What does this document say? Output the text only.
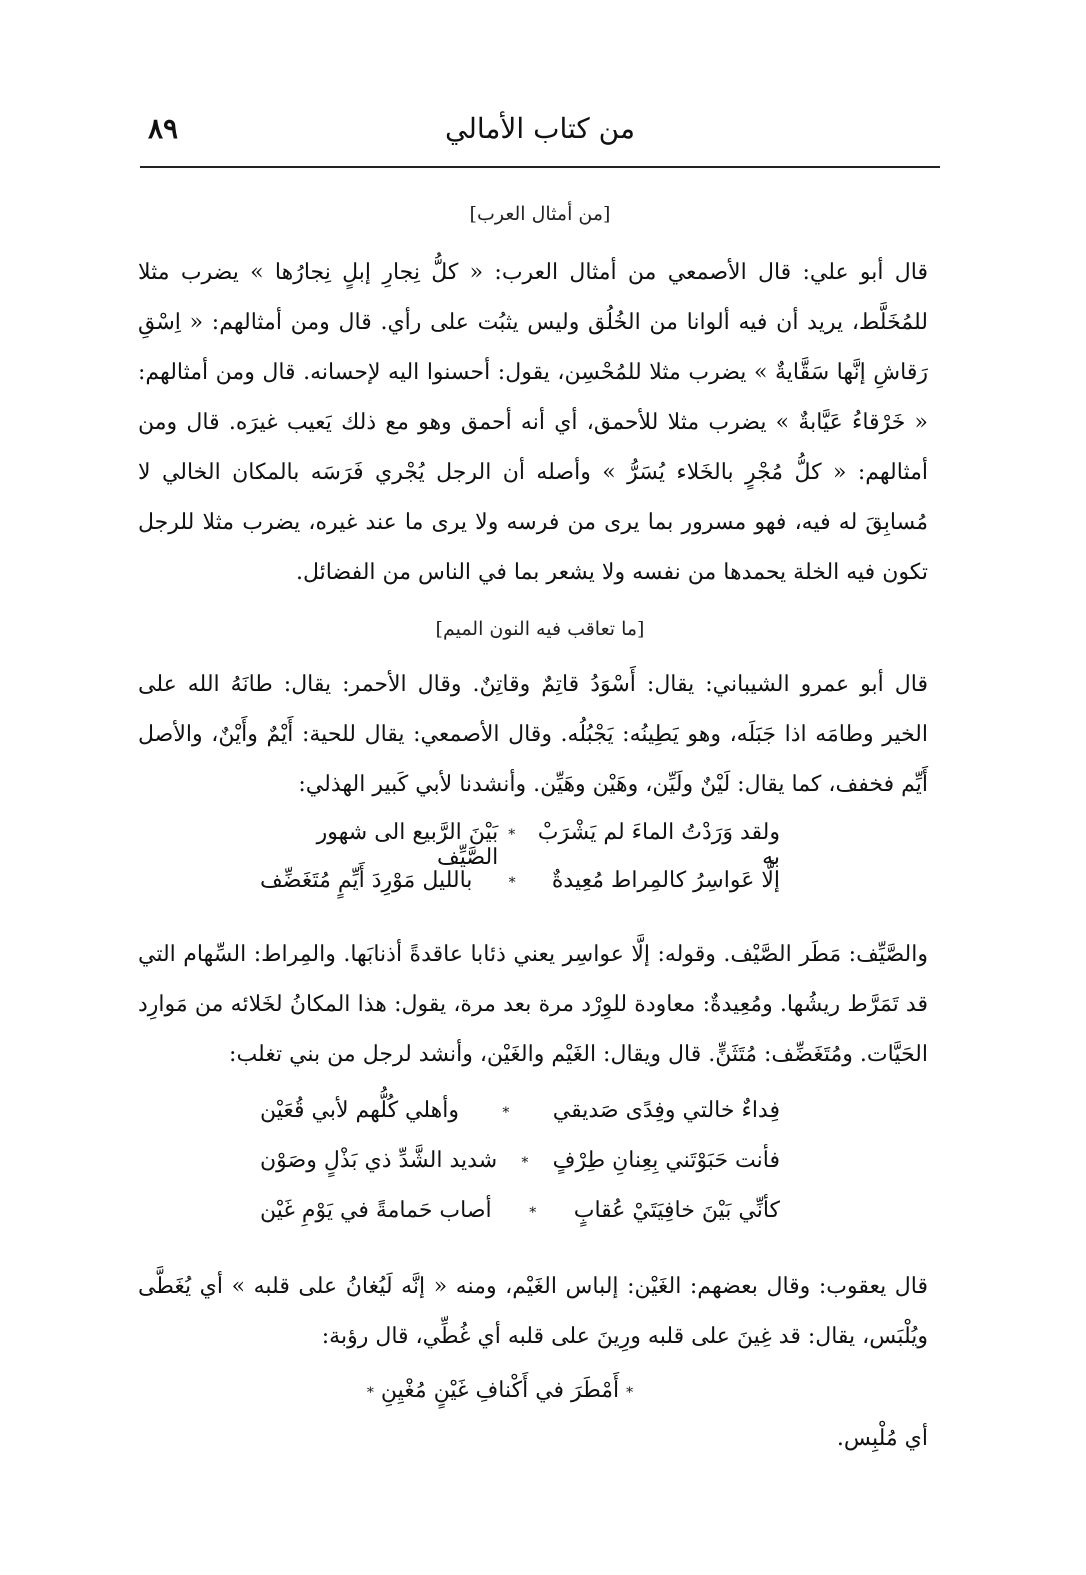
٨٩	من كتاب الأمالي
[من أمثال العرب]

قال أبو علي: قال الأصمعي من أمثال العرب: « كلُّ نِجارِ إبلٍ نِجارُها » يضرب مثلا للمُخَلَّط، يريد أن فيه ألوانا من الخُلُق وليس يثبُت على رأي. قال ومن أمثالهم: « اِسْقِ رَقاشِ إنَّها سَقَّايةٌ » يضرب مثلا للمُحْسِن، يقول: أحسنوا اليه لإحسانه. قال ومن أمثالهم: « خَرْقاءُ عَيَّابةٌ » يضرب مثلا للأحمق، أي أنه أحمق وهو مع ذلك يَعيب غيرَه. قال ومن أمثالهم: « كلُّ مُجْرٍ بالخَلاء يُسَرُّ » وأصله أن الرجل يُجْري فَرَسَه بالمكان الخالي لا مُسابِقَ له فيه، فهو مسرور بما يرى من فرسه ولا يرى ما عند غيره، يضرب مثلا للرجل تكون فيه الخلة يحمدها من نفسه ولا يشعر بما في الناس من الفضائل.

[ما تعاقب فيه النون الميم]

قال أبو عمرو الشيباني: يقال: أَسْوَدُ قاتِمٌ وقاتِنٌ. وقال الأحمر: يقال: طانَهُ الله على الخير وطامَه اذا جَبَلَه، وهو يَطِينُه: يَجْبُلُه. وقال الأصمعي: يقال للحية: أَيْمٌ وأَيْنٌ، والأصل أَيِّم فخفف، كما يقال: لَيْنٌ ولَيِّن، وهَيْن وهَيِّن. وأنشدنا لأبي كَبير الهذلي:

ولقد وَرَدْتُ الماءَ لم يَشْرَبْ به
*
بَيْنَ الرَّبيع الى شهور الصَّيِّف
إلَّا عَواسِرُ كالمِراط مُعِيدةٌ
*
بالليل مَوْرِدَ أَيِّمٍ مُتَغَضِّف

والصَّيِّف: مَطَر الصَّيْف. وقوله: إلَّا عواسِر يعني ذئابا عاقدةً أذنابَها. والمِراط: السِّهام التي قد تَمَرَّط ريشُها. ومُعِيدةٌ: معاودة للوِرْد مرة بعد مرة، يقول: هذا المكانُ لخَلائه من مَوارِد الحَيَّات. ومُتَغَضِّف: مُتَثَنٍّ. قال ويقال: الغَيْم والغَيْن، وأنشد لرجل من بني تغلب:

فِداءٌ خالتي وفِدًى صَديقي
*
وأهلي كُلُّهم لأبي قُعَيْن
فأنت حَبَوْتَني بِعِنانِ طِرْفٍ
*
شديد الشَّدِّ ذي بَذْلٍ وصَوْن
كأنِّي بَيْنَ خافِيَتَيْ عُقابٍ
*
أصاب حَمامةً في يَوْمِ غَيْن

قال يعقوب: وقال بعضهم: الغَيْن: إلباس الغَيْم، ومنه « إنَّه لَيُغانُ على قلبه » أي يُغَطَّى ويُلْبَس، يقال: قد غِينَ على قلبه ورِينَ على قلبه أي غُطِّي، قال رؤبة:

* أَمْطَرَ في أَكْنافِ غَيْنٍ مُغْيِنِ *

أي مُلْبِس.
